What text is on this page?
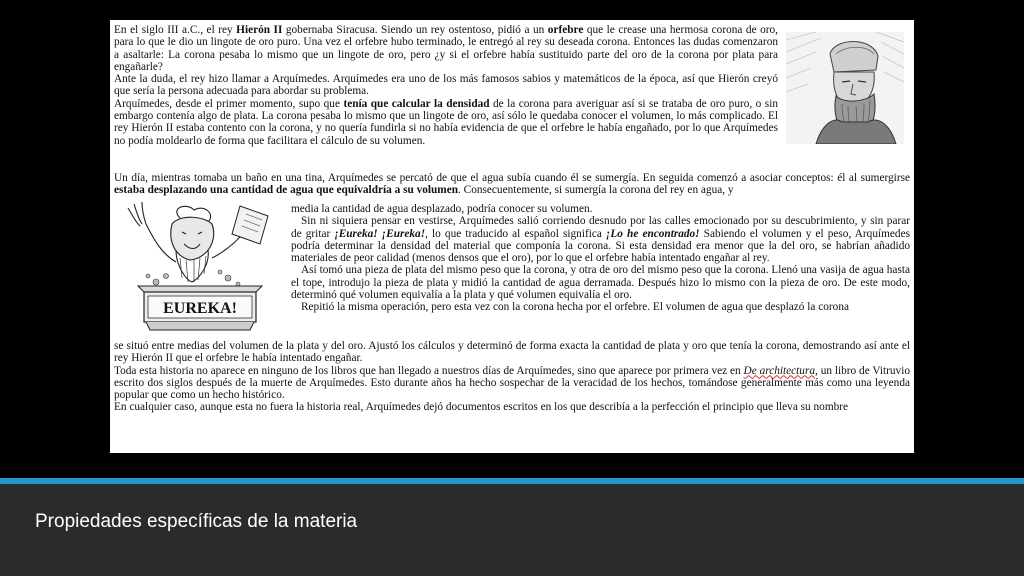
En el siglo III a.C., el rey Hierón II gobernaba Siracusa. Siendo un rey ostentoso, pidió a un orfebre que le crease una hermosa corona de oro, para lo que le dio un lingote de oro puro. Una vez el orfebre hubo terminado, le entregó al rey su deseada corona. Entonces las dudas comenzaron a asaltarle: La corona pesaba lo mismo que un lingote de oro, pero ¿y si el orfebre había sustituido parte del oro de la corona por plata para engañarle?
Ante la duda, el rey hizo llamar a Arquímedes. Arquímedes era uno de los más famosos sabios y matemáticos de la época, así que Hierón creyó que sería la persona adecuada para abordar su problema.
Arquímedes, desde el primer momento, supo que tenía que calcular la densidad de la corona para averiguar así si se trataba de oro puro, o sin embargo contenía algo de plata. La corona pesaba lo mismo que un lingote de oro, así sólo le quedaba conocer el volumen, lo más complicado. El rey Hierón II estaba contento con la corona, y no quería fundirla si no había evidencia de que el orfebre le había engañado, por lo que Arquímedes no podía moldearlo de forma que facilitara el cálculo de su volumen.

Un día, mientras tomaba un baño en una tina, Arquímedes se percató de que el agua subía cuando él se sumergía. En seguida comenzó a asociar conceptos: él al sumergirse estaba desplazando una cantidad de agua que equivaldría a su volumen. Consecuentemente, si sumergía la corona del rey en agua, y

EUREKA!

media la cantidad de agua desplazado, podría conocer su volumen.
Sin ni siquiera pensar en vestirse, Arquímedes salió corriendo desnudo por las calles emocionado por su descubrimiento, y sin parar de gritar ¡Eureka! ¡Eureka!, lo que traducido al español significa ¡Lo he encontrado! Sabiendo el volumen y el peso, Arquímedes podría determinar la densidad del material que componía la corona. Si esta densidad era menor que la del oro, se habrían añadido materiales de peor calidad (menos densos que el oro), por lo que el orfebre había intentado engañar al rey.
Así tomó una pieza de plata del mismo peso que la corona, y otra de oro del mismo peso que la corona. Llenó una vasija de agua hasta el tope, introdujo la pieza de plata y midió la cantidad de agua derramada. Después hizo lo mismo con la pieza de oro. De este modo, determinó qué volumen equivalía a la plata y qué volumen equivalía el oro.
Repitió la misma operación, pero esta vez con la corona hecha por el orfebre. El volumen de agua que desplazó la corona

se situó entre medias del volumen de la plata y del oro. Ajustó los cálculos y determinó de forma exacta la cantidad de plata y oro que tenía la corona, demostrando así ante el rey Hierón II que el orfebre le había intentado engañar.
Toda esta historia no aparece en ninguno de los libros que han llegado a nuestros días de Arquímedes, sino que aparece por primera vez en De architectura, un libro de Vitruvio escrito dos siglos después de la muerte de Arquímedes. Esto durante años ha hecho sospechar de la veracidad de los hechos, tomándose generalmente más como una leyenda popular que como un hecho histórico.
En cualquier caso, aunque esta no fuera la historia real, Arquímedes dejó documentos escritos en los que describía a la perfección el principio que lleva su nombre

Propiedades específicas de la materia
